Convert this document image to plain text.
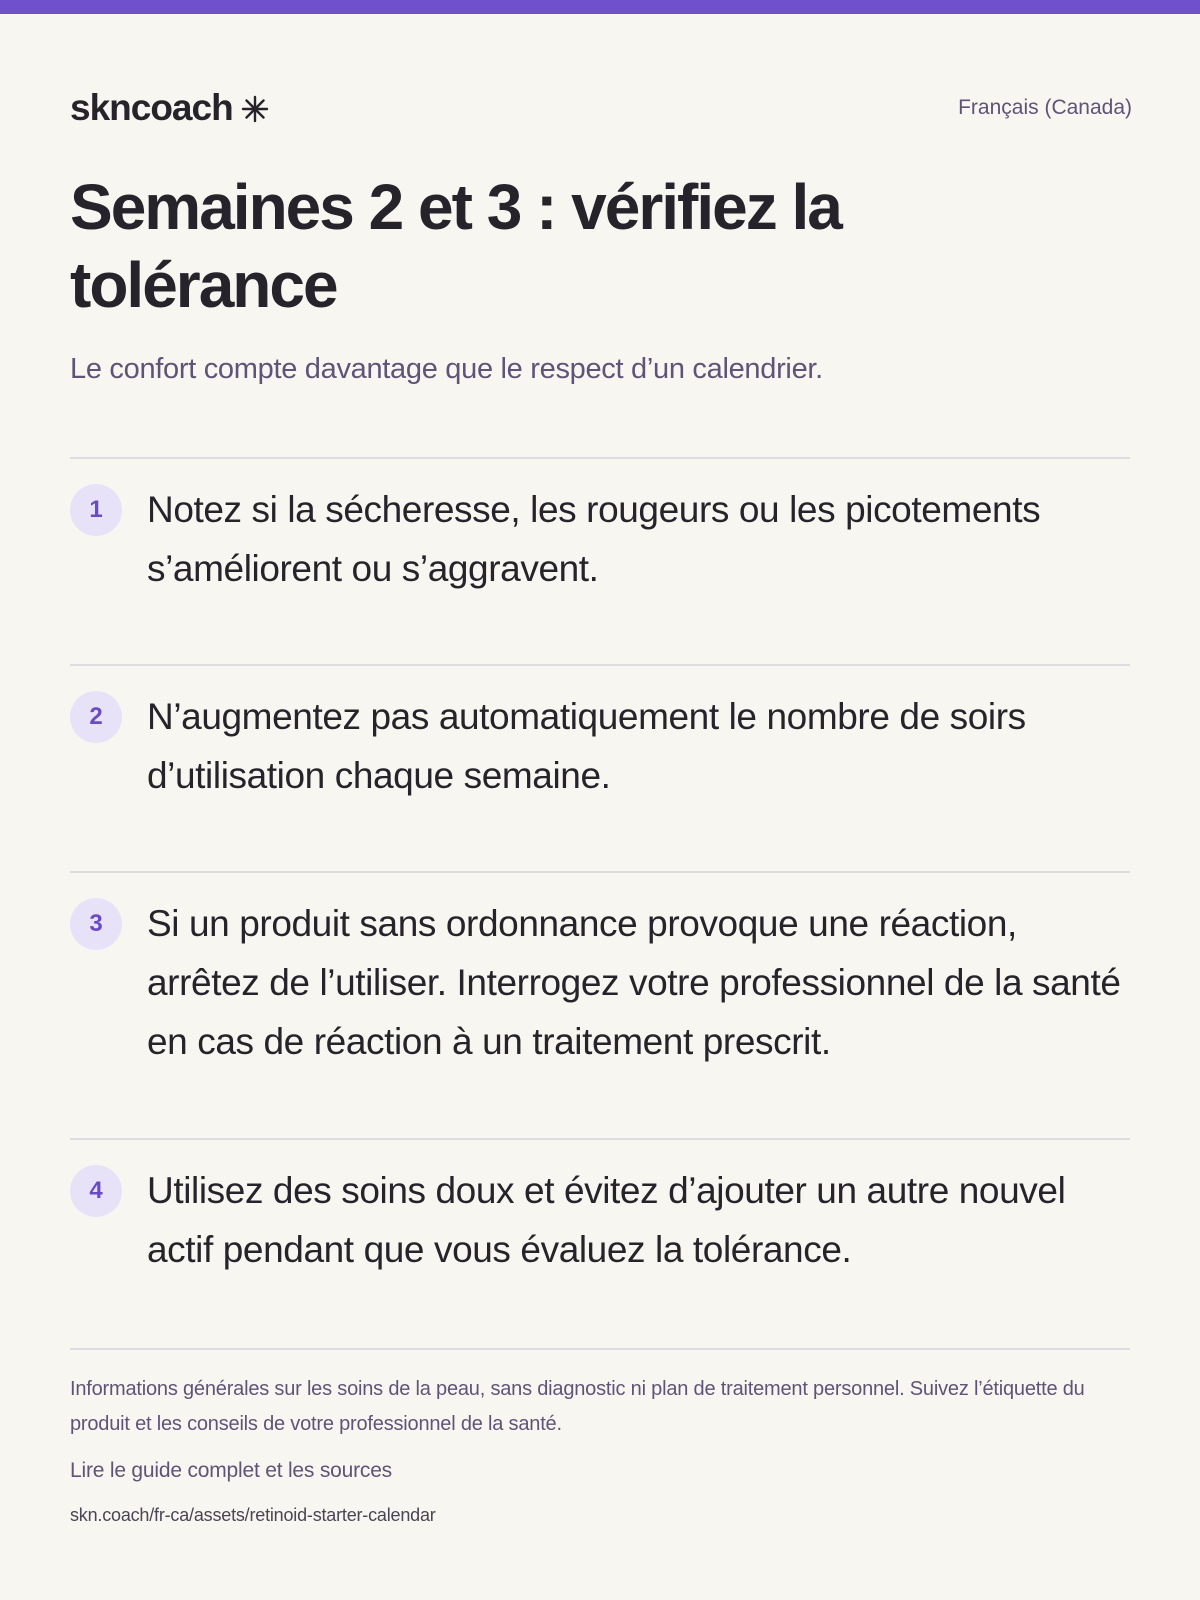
skncoach	Français (Canada)
Semaines 2 et 3 : vérifiez la tolérance
Le confort compte davantage que le respect d’un calendrier.
1	Notez si la sécheresse, les rougeurs ou les picotements s’améliorent ou s’aggravent.
2	N’augmentez pas automatiquement le nombre de soirs d’utilisation chaque semaine.
3	Si un produit sans ordonnance provoque une réaction, arrêtez de l’utiliser. Interrogez votre professionnel de la santé en cas de réaction à un traitement prescrit.
4	Utilisez des soins doux et évitez d’ajouter un autre nouvel actif pendant que vous évaluez la tolérance.
Informations générales sur les soins de la peau, sans diagnostic ni plan de traitement personnel. Suivez l’étiquette du produit et les conseils de votre professionnel de la santé.
Lire le guide complet et les sources
skn.coach/fr-ca/assets/retinoid-starter-calendar
